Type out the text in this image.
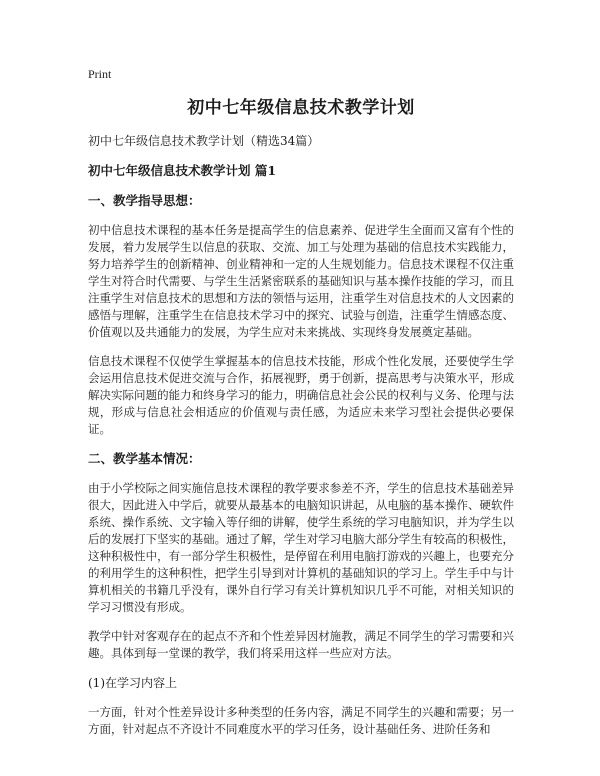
Print
初中七年级信息技术教学计划
初中七年级信息技术教学计划（精选34篇）
初中七年级信息技术教学计划 篇1
一、教学指导思想：

初中信息技术课程的基本任务是提高学生的信息素养、促进学生全面而又富有个性的发展，着力发展学生以信息的获取、交流、加工与处理为基础的信息技术实践能力，努力培养学生的创新精神、创业精神和一定的人生规划能力。信息技术课程不仅注重学生对符合时代需要、与学生生活紧密联系的基础知识与基本操作技能的学习，而且注重学生对信息技术的思想和方法的领悟与运用，注重学生对信息技术的人文因素的感悟与理解，注重学生在信息技术学习中的探究、试验与创造，注重学生情感态度、价值观以及共通能力的发展，为学生应对未来挑战、实现终身发展奠定基础。

信息技术课程不仅使学生掌握基本的信息技术技能，形成个性化发展，还要使学生学会运用信息技术促进交流与合作，拓展视野，勇于创新，提高思考与决策水平，形成解决实际问题的能力和终身学习的能力，明确信息社会公民的权利与义务、伦理与法规，形成与信息社会相适应的价值观与责任感，为适应未来学习型社会提供必要保证。

二、教学基本情况：

由于小学校际之间实施信息技术课程的教学要求参差不齐，学生的信息技术基础差异很大，因此进入中学后，就要从最基本的电脑知识讲起，从电脑的基本操作、硬软件系统、操作系统、文字输入等仔细的讲解，使学生系统的学习电脑知识，并为学生以后的发展打下坚实的基础。通过了解，学生对学习电脑大部分学生有较高的积极性，这种积极性中，有一部分学生积极性，是停留在利用电脑打游戏的兴趣上，也要充分的利用学生的这种积性，把学生引导到对计算机的基础知识的学习上。学生手中与计算机相关的书籍几乎没有，课外自行学习有关计算机知识几乎不可能，对相关知识的学习习惯没有形成。

教学中针对客观存在的起点不齐和个性差异因材施教，满足不同学生的学习需要和兴趣。具体到每一堂课的教学，我们将采用这样一些应对方法。

(1)在学习内容上

一方面，针对个性差异设计多种类型的任务内容，满足不同学生的兴趣和需要；另一方面，针对起点不齐设计不同难度水平的学习任务，设计基础任务、进阶任务和
